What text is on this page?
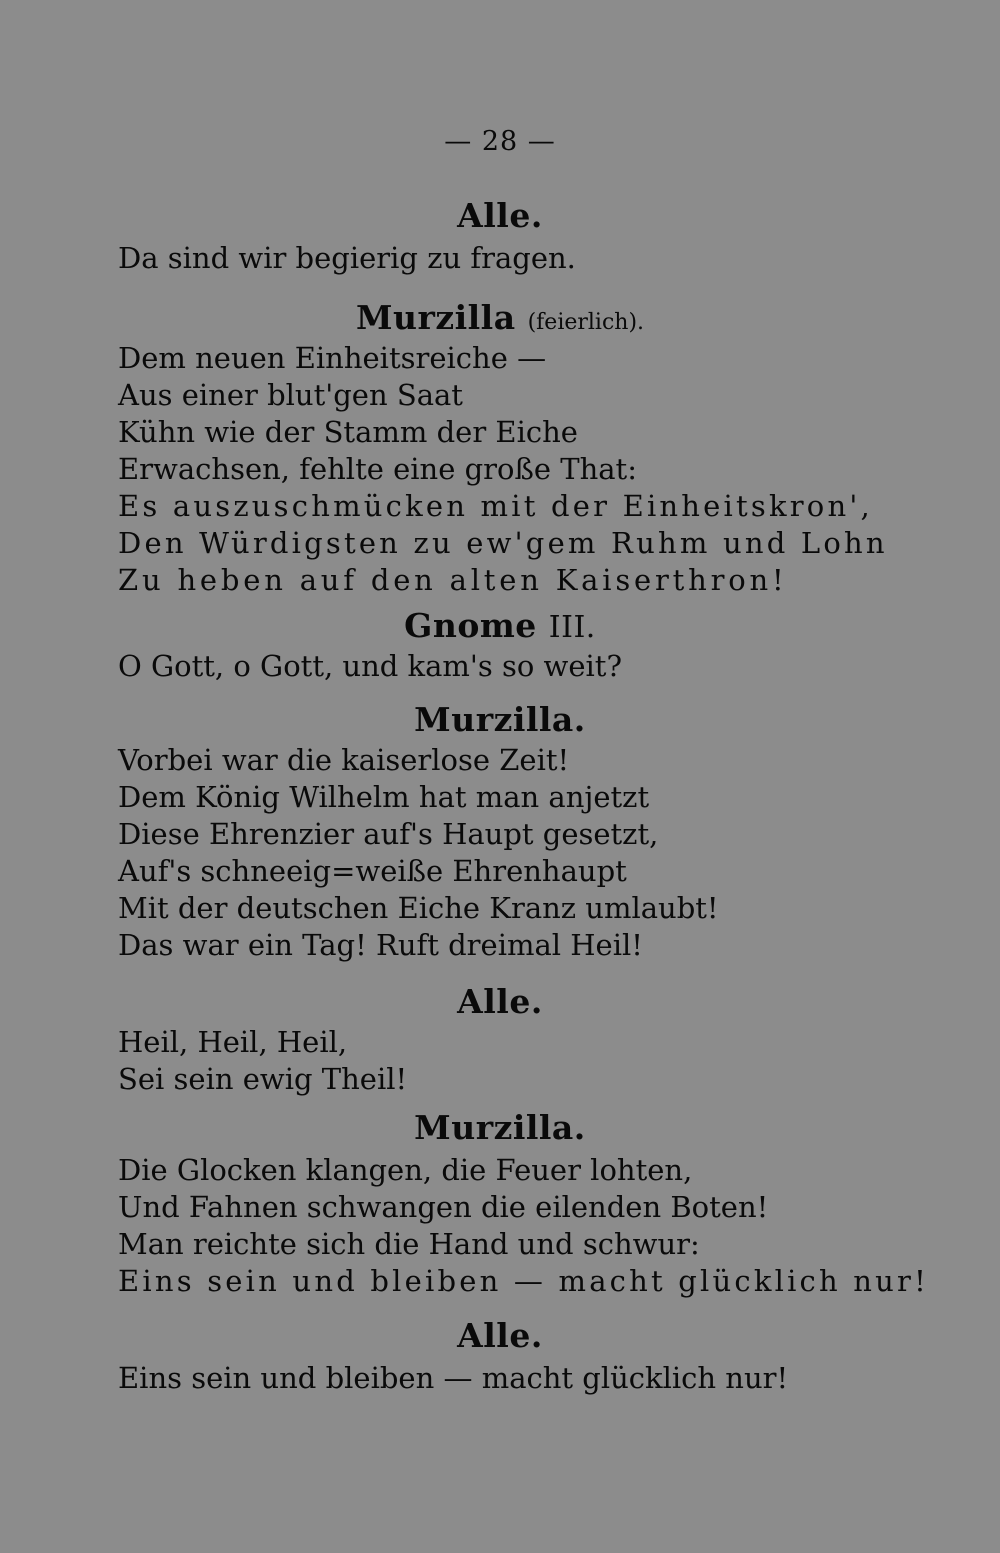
— 28 —
Alle.
Da sind wir begierig zu fragen.
Murzilla (feierlich).
Dem neuen Einheitsreiche —
Aus einer blut'gen Saat
Kühn wie der Stamm der Eiche
Erwachsen, fehlte eine große That:
Es auszuschmücken mit der Einheitskron',
Den Würdigsten zu ew'gem Ruhm und Lohn
Zu heben auf den alten Kaiserthron!
Gnome III.
O Gott, o Gott, und kam's so weit?
Murzilla.
Vorbei war die kaiserlose Zeit!
Dem König Wilhelm hat man anjetzt
Diese Ehrenzier auf's Haupt gesetzt,
Auf's schneeig=weiße Ehrenhaupt
Mit der deutschen Eiche Kranz umlaubt!
Das war ein Tag! Ruft dreimal Heil!
Alle.
Heil, Heil, Heil,
Sei sein ewig Theil!
Murzilla.
Die Glocken klangen, die Feuer lohten,
Und Fahnen schwangen die eilenden Boten!
Man reichte sich die Hand und schwur:
Eins sein und bleiben — macht glücklich nur!
Alle.
Eins sein und bleiben — macht glücklich nur!
